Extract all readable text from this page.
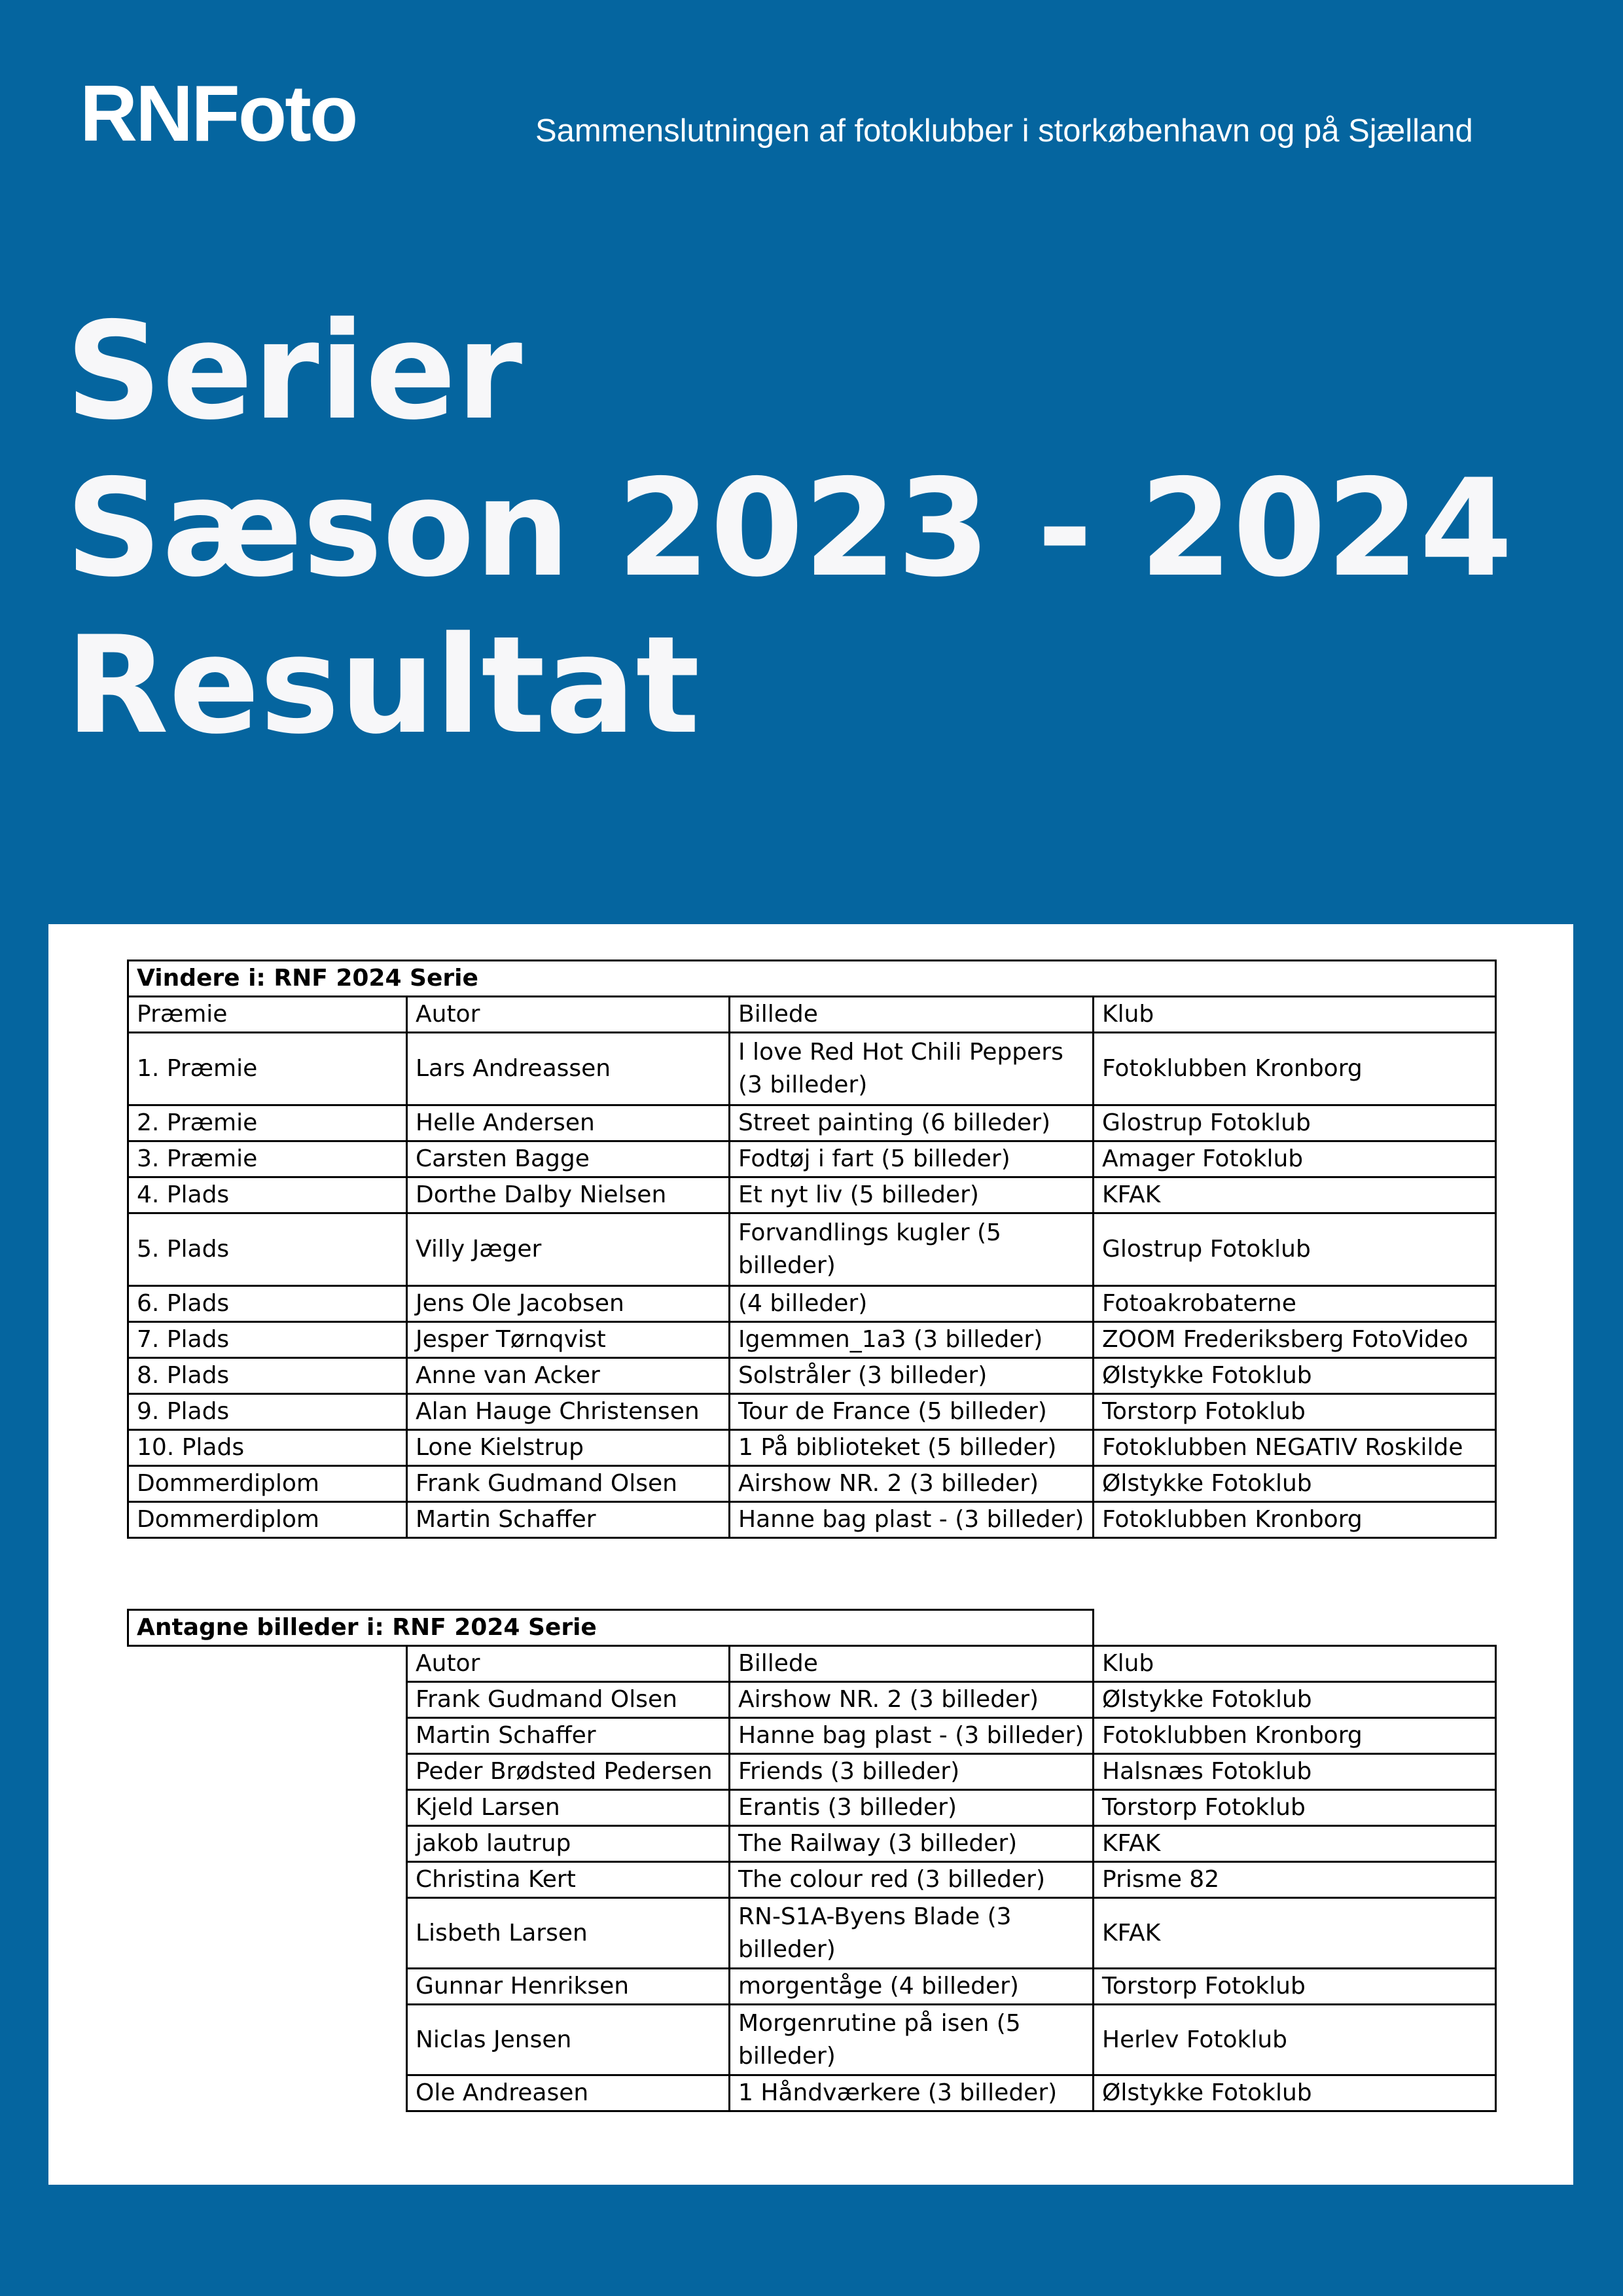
RNFoto	Sammenslutningen af fotoklubber i storkøbenhavn og på Sjælland
Serier
Sæson 2023 - 2024
Resultat
Vindere i: RNF 2024 Serie			
Præmie	Autor	Billede	Klub
1. Præmie	Lars Andreassen	I love Red Hot Chili Peppers (3 billeder)	Fotoklubben Kronborg
2. Præmie	Helle Andersen	Street painting (6 billeder)	Glostrup Fotoklub
3. Præmie	Carsten Bagge	Fodtøj i fart (5 billeder)	Amager Fotoklub
4. Plads	Dorthe Dalby Nielsen	Et nyt liv (5 billeder)	KFAK
5. Plads	Villy Jæger	Forvandlings kugler (5 billeder)	Glostrup Fotoklub
6. Plads	Jens Ole Jacobsen	(4 billeder)	Fotoakrobaterne
7. Plads	Jesper Tørnqvist	Igemmen_1a3 (3 billeder)	ZOOM Frederiksberg FotoVideo
8. Plads	Anne van Acker	Solstråler (3 billeder)	Ølstykke Fotoklub
9. Plads	Alan Hauge Christensen	Tour de France (5 billeder)	Torstorp Fotoklub
10. Plads	Lone Kielstrup	1 På biblioteket (5 billeder)	Fotoklubben NEGATIV Roskilde
Dommerdiplom	Frank Gudmand Olsen	Airshow NR. 2 (3 billeder)	Ølstykke Fotoklub
Dommerdiplom	Martin Schaffer	Hanne bag plast - (3 billeder)	Fotoklubben Kronborg
Antagne billeder i: RNF 2024 Serie			
	Autor	Billede	Klub
	Frank Gudmand Olsen	Airshow NR. 2 (3 billeder)	Ølstykke Fotoklub
	Martin Schaffer	Hanne bag plast - (3 billeder)	Fotoklubben Kronborg
	Peder Brødsted Pedersen	Friends (3 billeder)	Halsnæs Fotoklub
	Kjeld Larsen	Erantis (3 billeder)	Torstorp Fotoklub
	jakob lautrup	The Railway (3 billeder)	KFAK
	Christina Kert	The colour red (3 billeder)	Prisme 82
	Lisbeth Larsen	RN-S1A-Byens Blade (3 billeder)	KFAK
	Gunnar Henriksen	morgentåge (4 billeder)	Torstorp Fotoklub
	Niclas Jensen	Morgenrutine på isen (5 billeder)	Herlev Fotoklub
	Ole Andreasen	1 Håndværkere (3 billeder)	Ølstykke Fotoklub
